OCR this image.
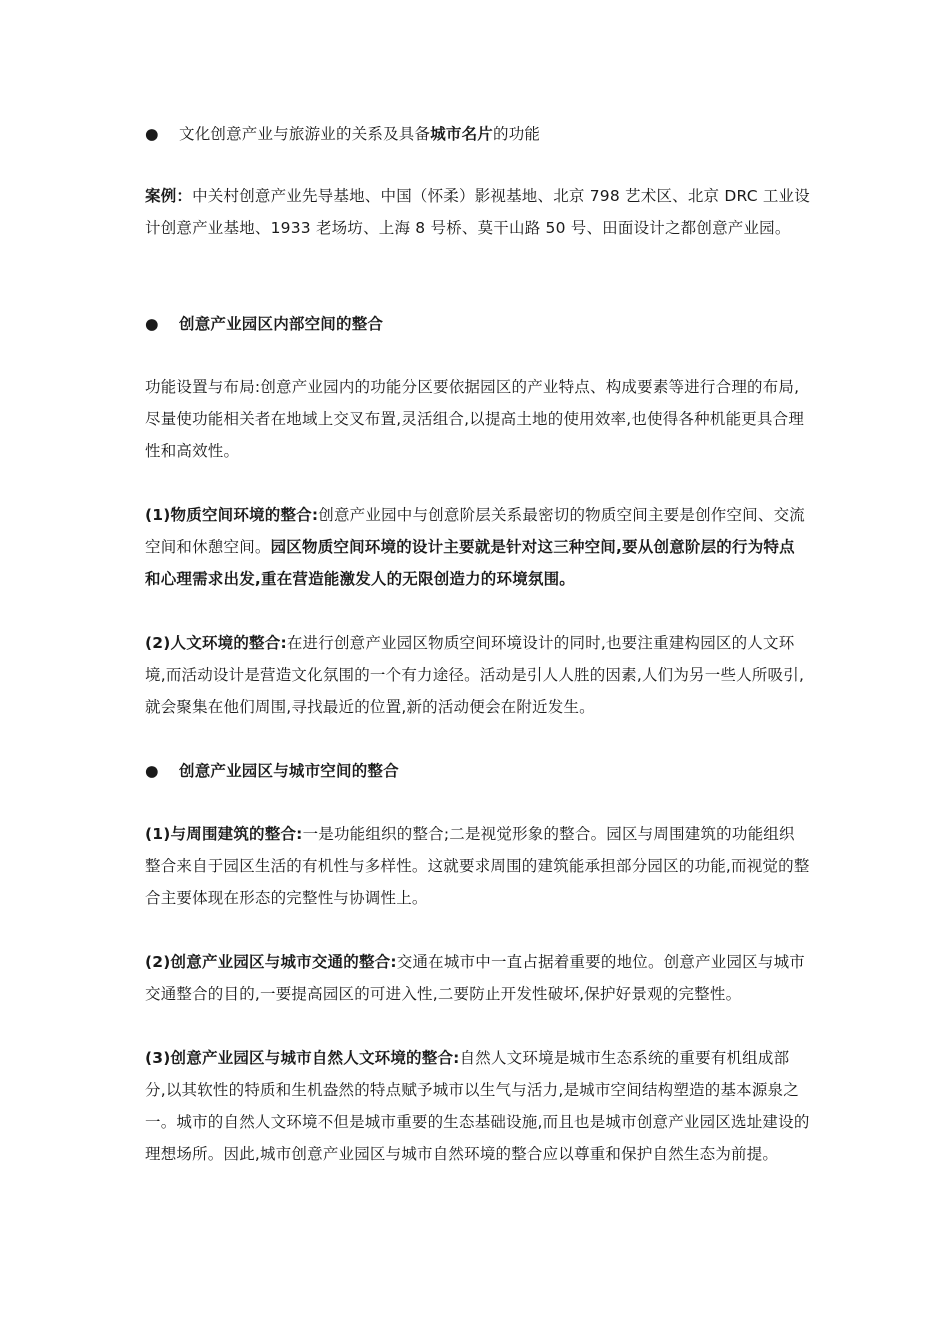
● 文化创意产业与旅游业的关系及具备城市名片的功能
案例：中关村创意产业先导基地、中国（怀柔）影视基地、北京 798 艺术区、北京 DRC 工业设计创意产业基地、1933 老场坊、上海 8 号桥、莫干山路 50 号、田面设计之都创意产业园。
● 创意产业园区内部空间的整合
功能设置与布局:创意产业园内的功能分区要依据园区的产业特点、构成要素等进行合理的布局,尽量使功能相关者在地域上交叉布置,灵活组合,以提高土地的使用效率,也使得各种机能更具合理性和高效性。
(1)物质空间环境的整合:创意产业园中与创意阶层关系最密切的物质空间主要是创作空间、交流空间和休憩空间。园区物质空间环境的设计主要就是针对这三种空间,要从创意阶层的行为特点和心理需求出发,重在营造能激发人的无限创造力的环境氛围。
(2)人文环境的整合:在进行创意产业园区物质空间环境设计的同时,也要注重建构园区的人文环境,而活动设计是营造文化氛围的一个有力途径。活动是引人人胜的因素,人们为另一些人所吸引,就会聚集在他们周围,寻找最近的位置,新的活动便会在附近发生。
● 创意产业园区与城市空间的整合
(1)与周围建筑的整合:一是功能组织的整合;二是视觉形象的整合。园区与周围建筑的功能组织整合来自于园区生活的有机性与多样性。这就要求周围的建筑能承担部分园区的功能,而视觉的整合主要体现在形态的完整性与协调性上。
(2)创意产业园区与城市交通的整合:交通在城市中一直占据着重要的地位。创意产业园区与城市交通整合的目的,一要提高园区的可进入性,二要防止开发性破坏,保护好景观的完整性。
(3)创意产业园区与城市自然人文环境的整合:自然人文环境是城市生态系统的重要有机组成部分,以其软性的特质和生机盎然的特点赋予城市以生气与活力,是城市空间结构塑造的基本源泉之一。城市的自然人文环境不但是城市重要的生态基础设施,而且也是城市创意产业园区选址建设的理想场所。因此,城市创意产业园区与城市自然环境的整合应以尊重和保护自然生态为前提。
